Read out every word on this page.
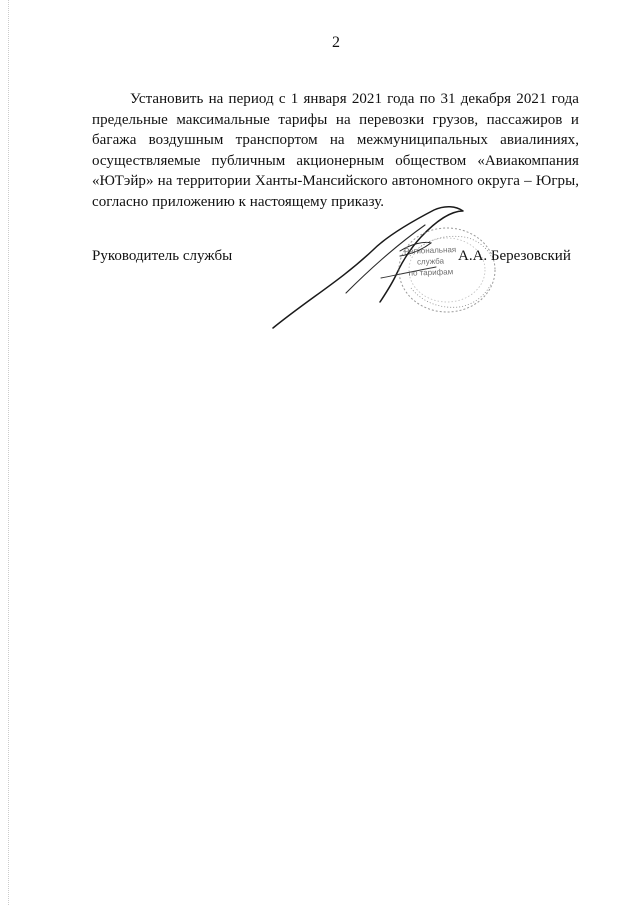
2

Установить на период с 1 января 2021 года по 31 декабря 2021 года предельные максимальные тарифы на перевозки грузов, пассажиров и багажа воздушным транспортом на межмуниципальных авиалиниях, осуществляемые публичным акционерным обществом «Авиакомпания «ЮТэйр» на территории Ханты-Мансийского автономного округа – Югры, согласно приложению к настоящему приказу.

Руководитель службы	Региональная
служба
по тарифам
А.А. Березовский
